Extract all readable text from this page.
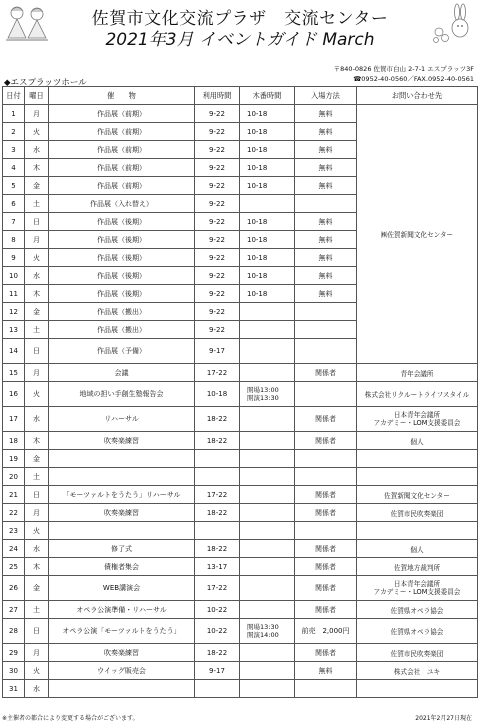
佐賀市文化交流プラザ　交流センター
2021年3月 イベントガイド March
〒840-0826 佐賀市白山 2-7-1 エスプラッツ3F
☎0952-40-0560／FAX.0952-40-0561
◆エスプラッツホール
日付	曜日	催　　物	利用時間	木番時間	入場方法	お問い合わせ先
1	月	作品展（前期）	9-22	10-18	無料	㈱佐賀新聞文化センター
2	火	作品展（前期）	9-22	10-18	無料	
3	水	作品展（前期）	9-22	10-18	無料	
4	木	作品展（前期）	9-22	10-18	無料	
5	金	作品展（前期）	9-22	10-18	無料	
6	土	作品展（入れ替え）	9-22			
7	日	作品展（後期）	9-22	10-18	無料	
8	月	作品展（後期）	9-22	10-18	無料	
9	火	作品展（後期）	9-22	10-18	無料	
10	水	作品展（後期）	9-22	10-18	無料	
11	木	作品展（後期）	9-22	10-18	無料	
12	金	作品展（搬出）	9-22			
13	土	作品展（搬出）	9-22			
14	日	作品展（予備）	9-17			
15	月	会議	17-22		関係者	青年会議所
16	火	地域の担い手創生塾報告会	10-18	開場13:00
開演13:30		株式会社リクルートライフスタイル
17	水	リハーサル	18-22		関係者	日本青年会議所
アカデミー・LOM支援委員会
18	木	吹奏楽練習	18-22		関係者	個人
19	金					
20	土					
21	日	「モーツァルトをうたう」リハーサル	17-22		関係者	佐賀新聞文化センター
22	月	吹奏楽練習	18-22		関係者	佐賀市民吹奏楽団
23	火					
24	水	修了式	18-22		関係者	個人
25	木	債権者集会	13-17		関係者	佐賀地方裁判所
26	金	WEB講演会	17-22		関係者	日本青年会議所
アカデミー・LOM支援委員会
27	土	オペラ公演準備・リハーサル	10-22		関係者	佐賀県オペラ協会
28	日	オペラ公演「モーツァルトをうたう」	10-22	開場13:30
開演14:00	前売　2,000円	佐賀県オペラ協会
29	月	吹奏楽練習	18-22		関係者	佐賀市民吹奏楽団
30	火	ウイッグ販売会	9-17		無料	株式会社　ユキ
31	水					
※主催者の都合により変更する場合がございます。	2021年2月27日現在
